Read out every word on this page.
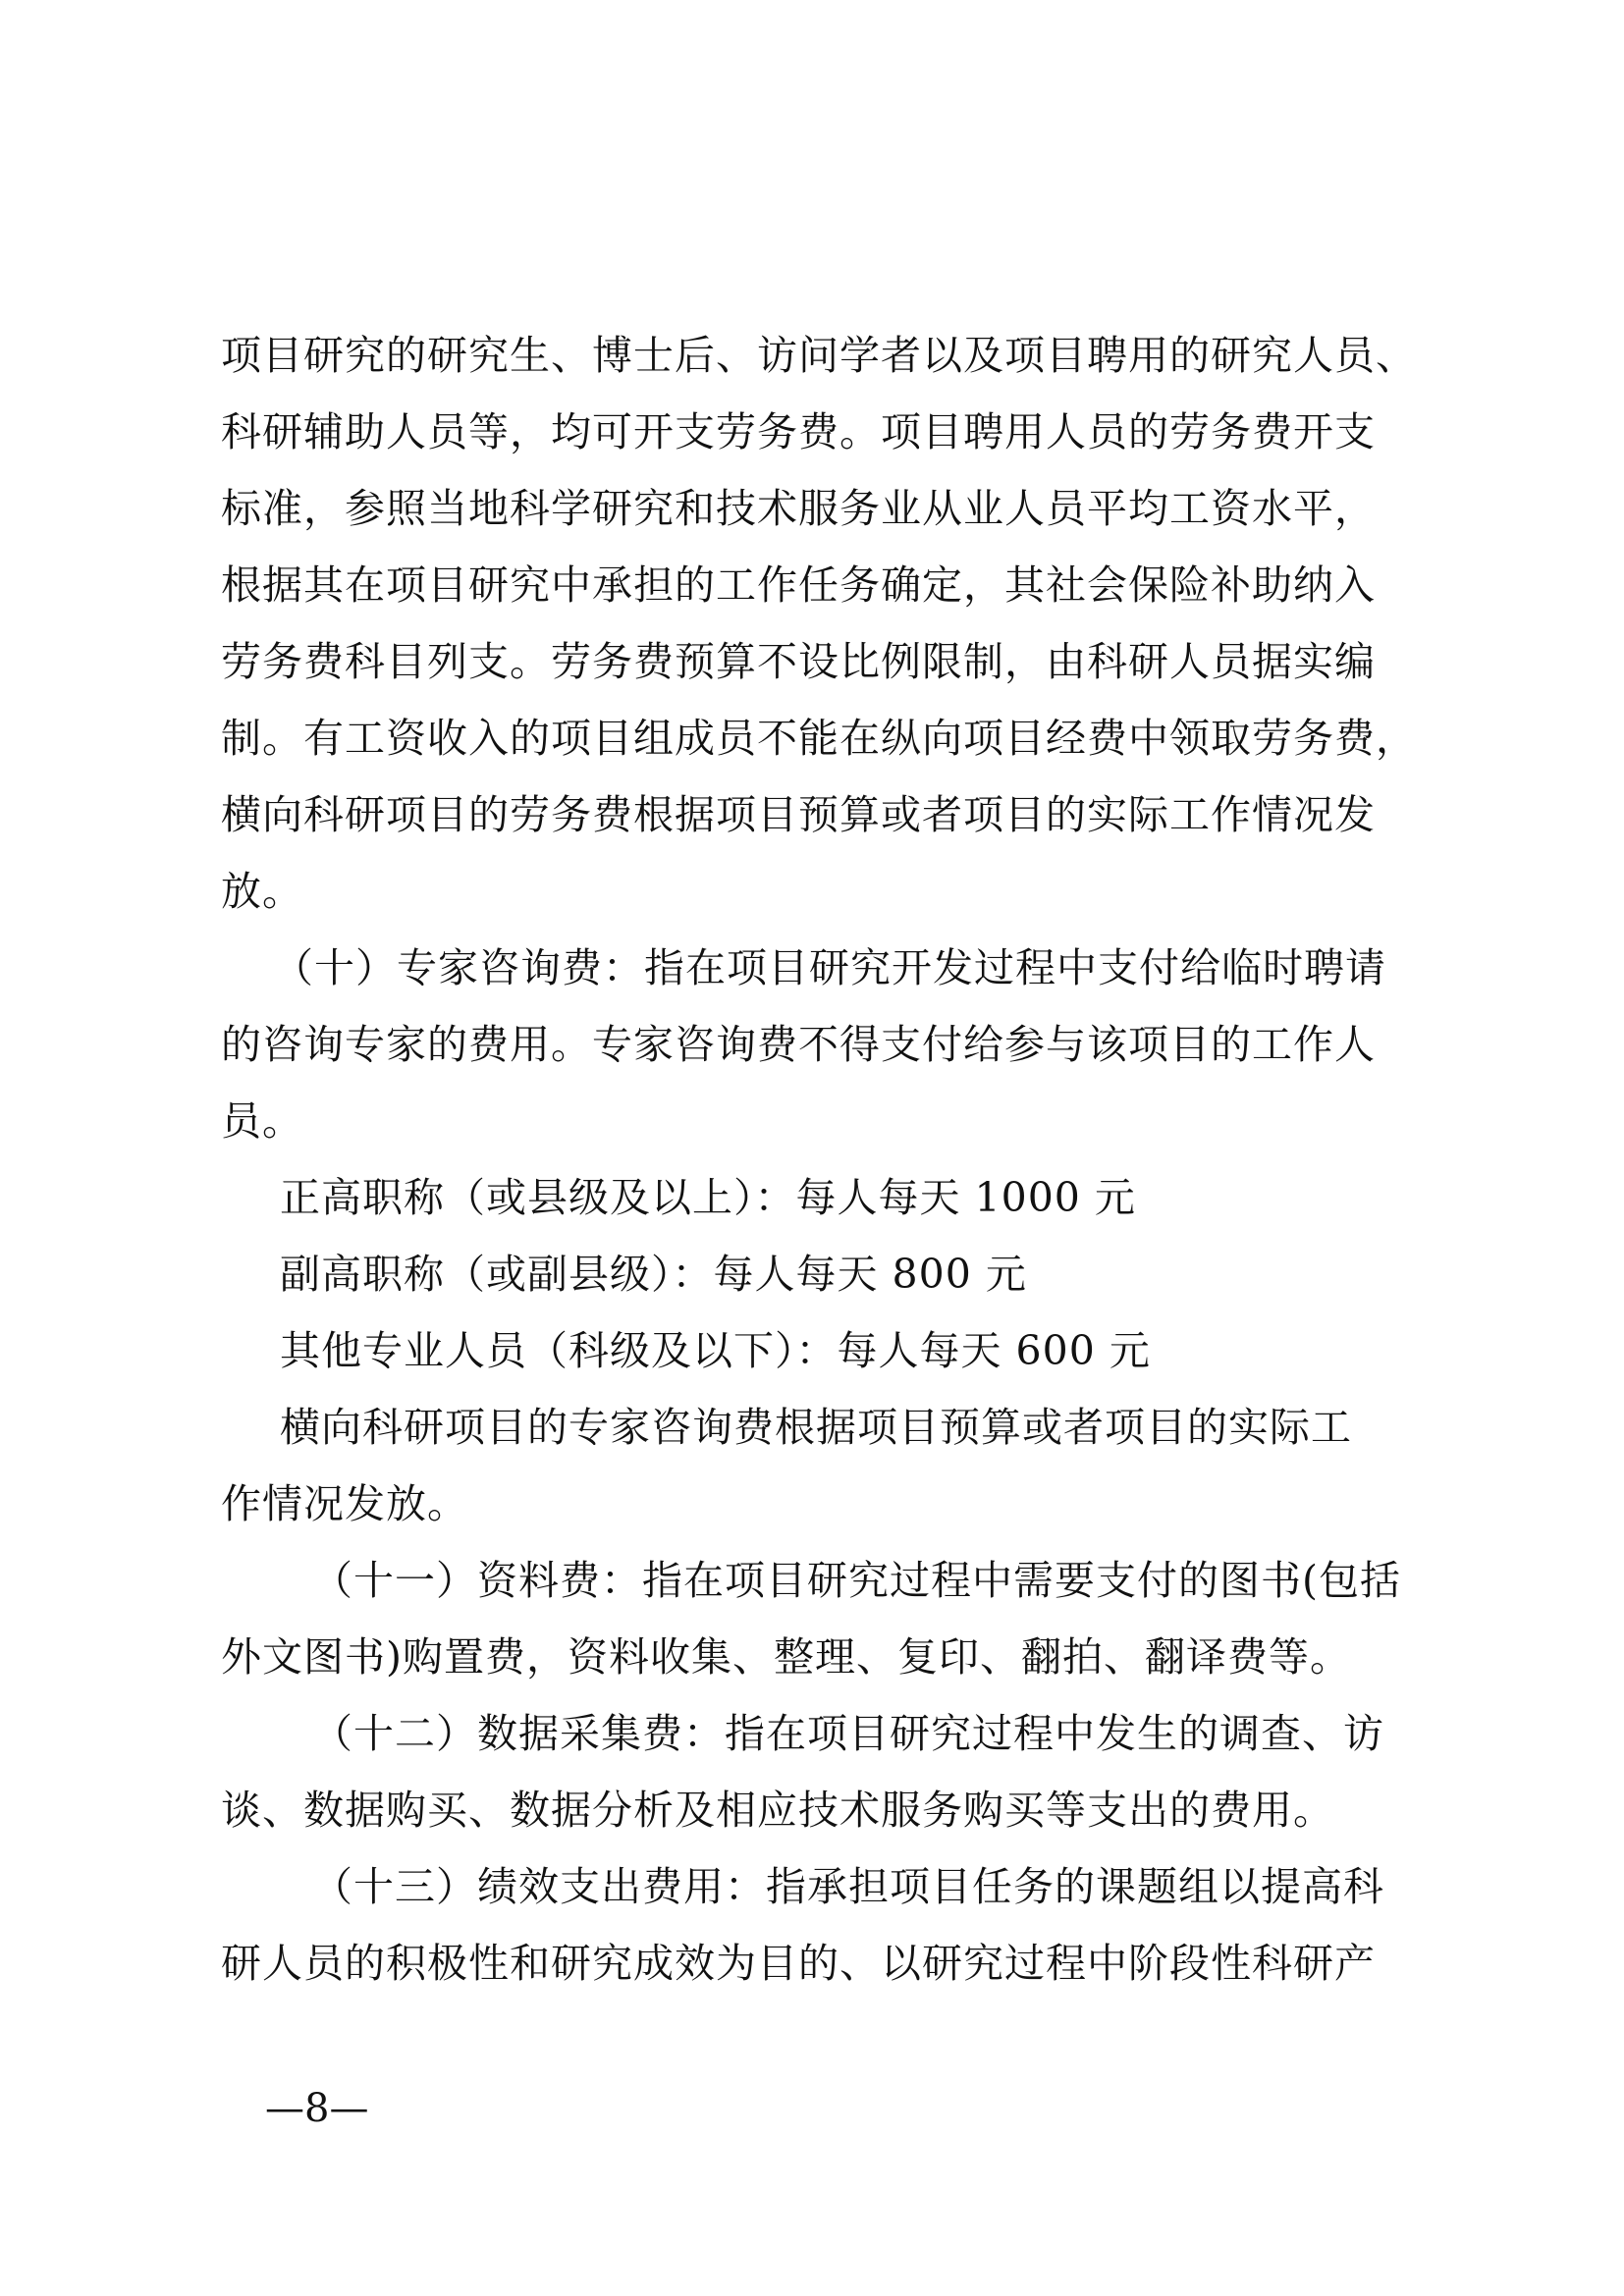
项目研究的研究生、博士后、访问学者以及项目聘用的研究人员、
科研辅助人员等，均可开支劳务费。项目聘用人员的劳务费开支
标准，参照当地科学研究和技术服务业从业人员平均工资水平，
根据其在项目研究中承担的工作任务确定，其社会保险补助纳入
劳务费科目列支。劳务费预算不设比例限制，由科研人员据实编
制。有工资收入的项目组成员不能在纵向项目经费中领取劳务费，
横向科研项目的劳务费根据项目预算或者项目的实际工作情况发
放。
（十）专家咨询费：指在项目研究开发过程中支付给临时聘请
的咨询专家的费用。专家咨询费不得支付给参与该项目的工作人
员。
正高职称（或县级及以上）：每人每天 1000 元
副高职称（或副县级）：每人每天 800 元
其他专业人员（科级及以下）：每人每天 600 元
横向科研项目的专家咨询费根据项目预算或者项目的实际工
作情况发放。
（十一）资料费：指在项目研究过程中需要支付的图书(包括
外文图书)购置费，资料收集、整理、复印、翻拍、翻译费等。
（十二）数据采集费：指在项目研究过程中发生的调查、访
谈、数据购买、数据分析及相应技术服务购买等支出的费用。
（十三）绩效支出费用：指承担项目任务的课题组以提高科
研人员的积极性和研究成效为目的、以研究过程中阶段性科研产
—8—
